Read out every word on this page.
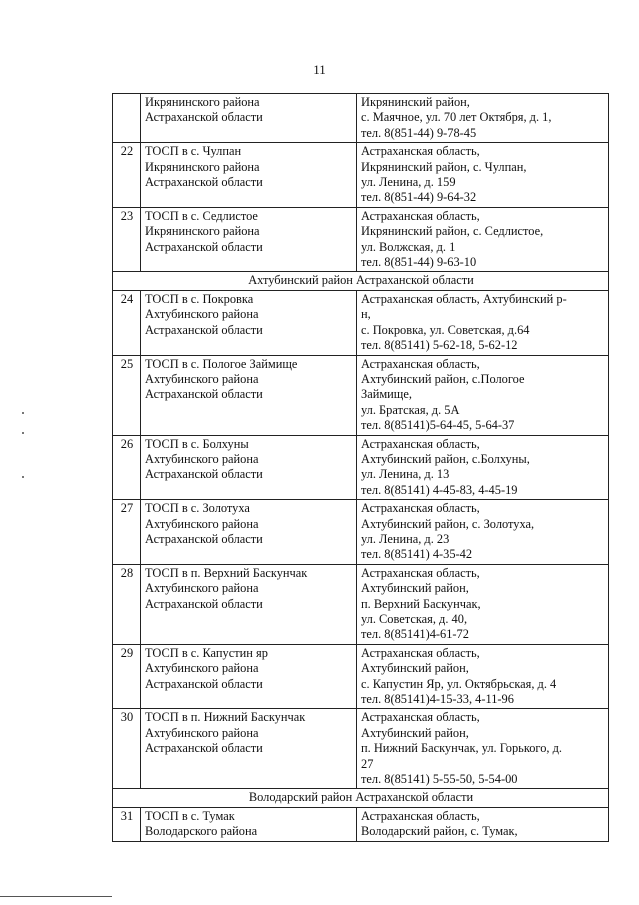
11

	Икрянинского района
Астраханской области	Икрянинский район,
с. Маячное, ул. 70 лет Октября, д. 1,
тел. 8(851-44) 9-78-45

22	ТОСП в с. Чулпан
Икрянинского района
Астраханской области	Астраханская область,
Икрянинский район, с. Чулпан,
ул. Ленина, д. 159
тел. 8(851-44) 9-64-32

23	ТОСП в с. Седлистое
Икрянинского района
Астраханской области	Астраханская область,
Икрянинский район, с. Седлистое,
ул. Волжская, д. 1
тел. 8(851-44) 9-63-10

Ахтубинский район Астраханской области		
24	ТОСП в с. Покровка
Ахтубинского района
Астраханской области	Астраханская область, Ахтубинский р-
н,
с. Покровка, ул. Советская, д.64
тел. 8(85141) 5-62-18, 5-62-12

25	ТОСП в с. Пологое Займище
Ахтубинского района
Астраханской области	Астраханская область,
Ахтубинский район, с.Пологое
Займище,
ул. Братская, д. 5А
тел. 8(85141)5-64-45, 5-64-37

26	ТОСП в с. Болхуны
Ахтубинского района
Астраханской области	Астраханская область,
Ахтубинский район, с.Болхуны,
ул. Ленина, д. 13
тел. 8(85141) 4-45-83, 4-45-19

27	ТОСП в с. Золотуха
Ахтубинского района
Астраханской области	Астраханская область,
Ахтубинский район, с. Золотуха,
ул. Ленина, д. 23
тел. 8(85141) 4-35-42

28	ТОСП в п. Верхний Баскунчак
Ахтубинского района
Астраханской области	Астраханская область,
Ахтубинский район,
п. Верхний Баскунчак,
ул. Советская, д. 40,
тел. 8(85141)4-61-72

29	ТОСП в с. Капустин яр
Ахтубинского района
Астраханской области	Астраханская область,
Ахтубинский район,
с. Капустин Яр, ул. Октябрьская, д. 4
тел. 8(85141)4-15-33, 4-11-96

30	ТОСП в п. Нижний Баскунчак
Ахтубинского района
Астраханской области	Астраханская область,
Ахтубинский район,
п. Нижний Баскунчак, ул. Горького, д.
27
тел. 8(85141) 5-55-50, 5-54-00

Володарский район Астраханской области		
31	ТОСП в с. Тумак
Володарского района	Астраханская область,
Володарский район, с. Тумак,
